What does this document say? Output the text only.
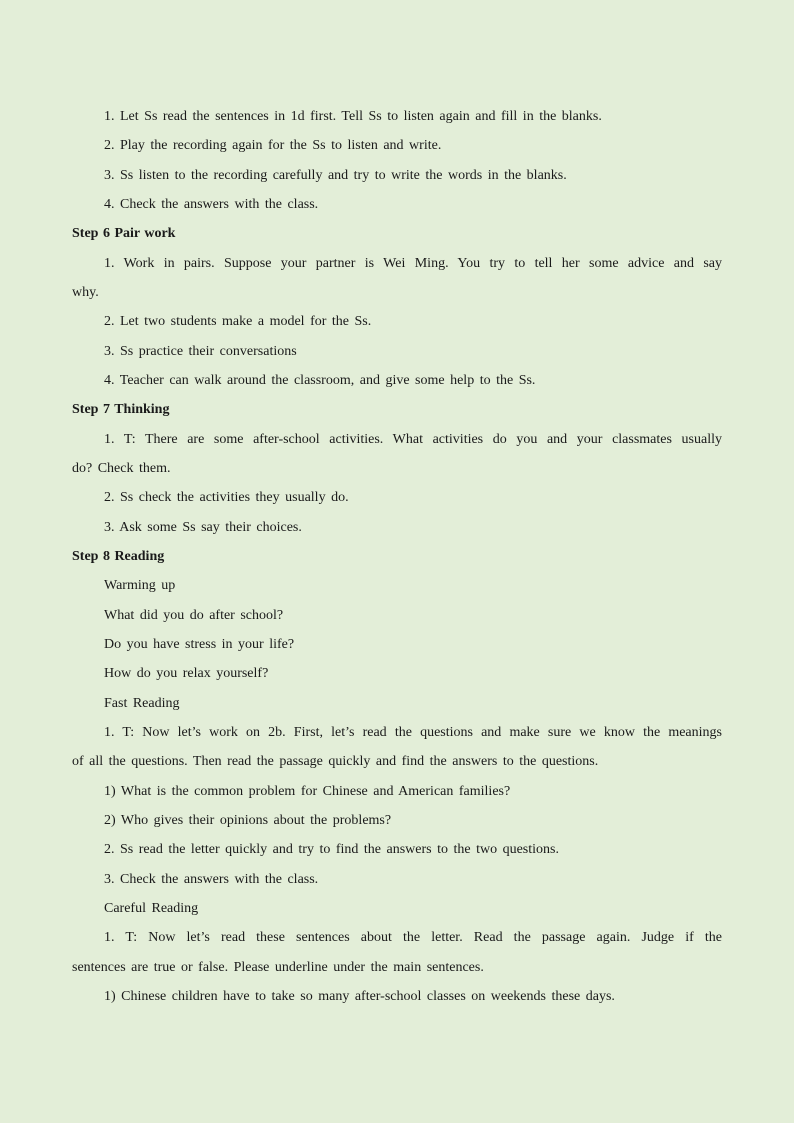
1. Let Ss read the sentences in 1d first. Tell Ss to listen again and fill in the blanks.
2. Play the recording again for the Ss to listen and write.
3. Ss listen to the recording carefully and try to write the words in the blanks.
4. Check the answers with the class.
Step 6 Pair work
1. Work in pairs. Suppose your partner is Wei Ming. You try to tell her some advice and say
why.
2. Let two students make a model for the Ss.
3. Ss practice their conversations
4. Teacher can walk around the classroom, and give some help to the Ss.
Step 7 Thinking
1. T: There are some after-school activities. What activities do you and your classmates usually
do? Check them.
2. Ss check the activities they usually do.
3. Ask some Ss say their choices.
Step 8 Reading
Warming up
What did you do after school?
Do you have stress in your life?
How do you relax yourself?
Fast Reading
1. T: Now let’s work on 2b. First, let’s read the questions and make sure we know the meanings
of all the questions. Then read the passage quickly and find the answers to the questions.
1) What is the common problem for Chinese and American families?
2) Who gives their opinions about the problems?
2. Ss read the letter quickly and try to find the answers to the two questions.
3. Check the answers with the class.
Careful Reading
1. T: Now let’s read these sentences about the letter. Read the passage again. Judge if the
sentences are true or false. Please underline under the main sentences.
1) Chinese children have to take so many after-school classes on weekends these days.
